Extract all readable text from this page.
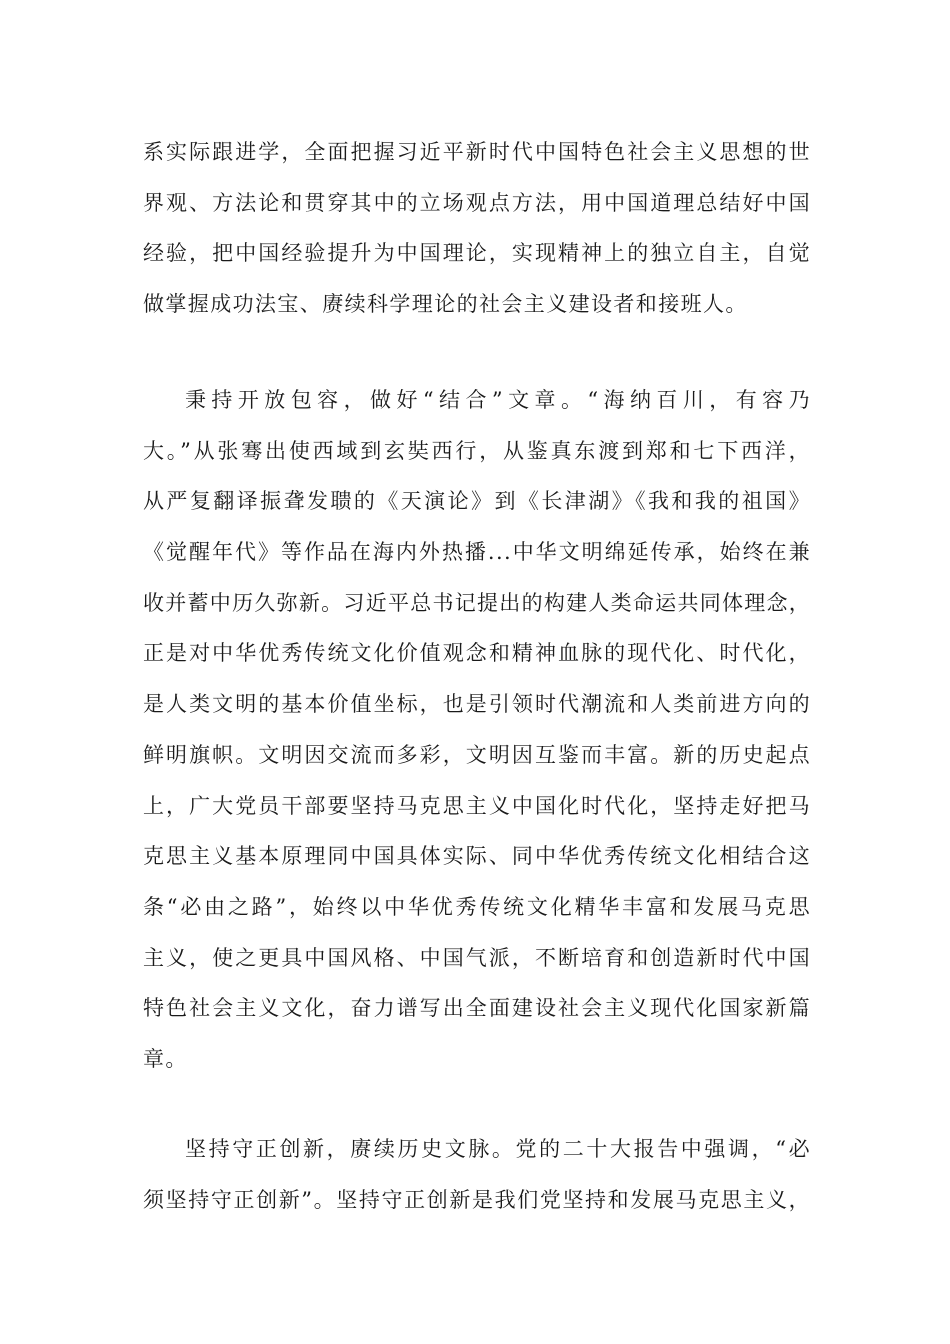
系实际跟进学，全面把握习近平新时代中国特色社会主义思想的世
界观、方法论和贯穿其中的立场观点方法，用中国道理总结好中国
经验，把中国经验提升为中国理论，实现精神上的独立自主，自觉
做掌握成功法宝、赓续科学理论的社会主义建设者和接班人。
秉持开放包容，做好“结合”文章。“海纳百川，有容乃
大。”从张骞出使西域到玄奘西行，从鉴真东渡到郑和七下西洋，
从严复翻译振聋发聩的《天演论》到《长津湖》《我和我的祖国》
《觉醒年代》等作品在海内外热播...中华文明绵延传承，始终在兼
收并蓄中历久弥新。习近平总书记提出的构建人类命运共同体理念，
正是对中华优秀传统文化价值观念和精神血脉的现代化、时代化，
是人类文明的基本价值坐标，也是引领时代潮流和人类前进方向的
鲜明旗帜。文明因交流而多彩，文明因互鉴而丰富。新的历史起点
上，广大党员干部要坚持马克思主义中国化时代化，坚持走好把马
克思主义基本原理同中国具体实际、同中华优秀传统文化相结合这
条“必由之路”，始终以中华优秀传统文化精华丰富和发展马克思
主义，使之更具中国风格、中国气派，不断培育和创造新时代中国
特色社会主义文化，奋力谱写出全面建设社会主义现代化国家新篇
章。
坚持守正创新，赓续历史文脉。党的二十大报告中强调，“必
须坚持守正创新”。坚持守正创新是我们党坚持和发展马克思主义，
